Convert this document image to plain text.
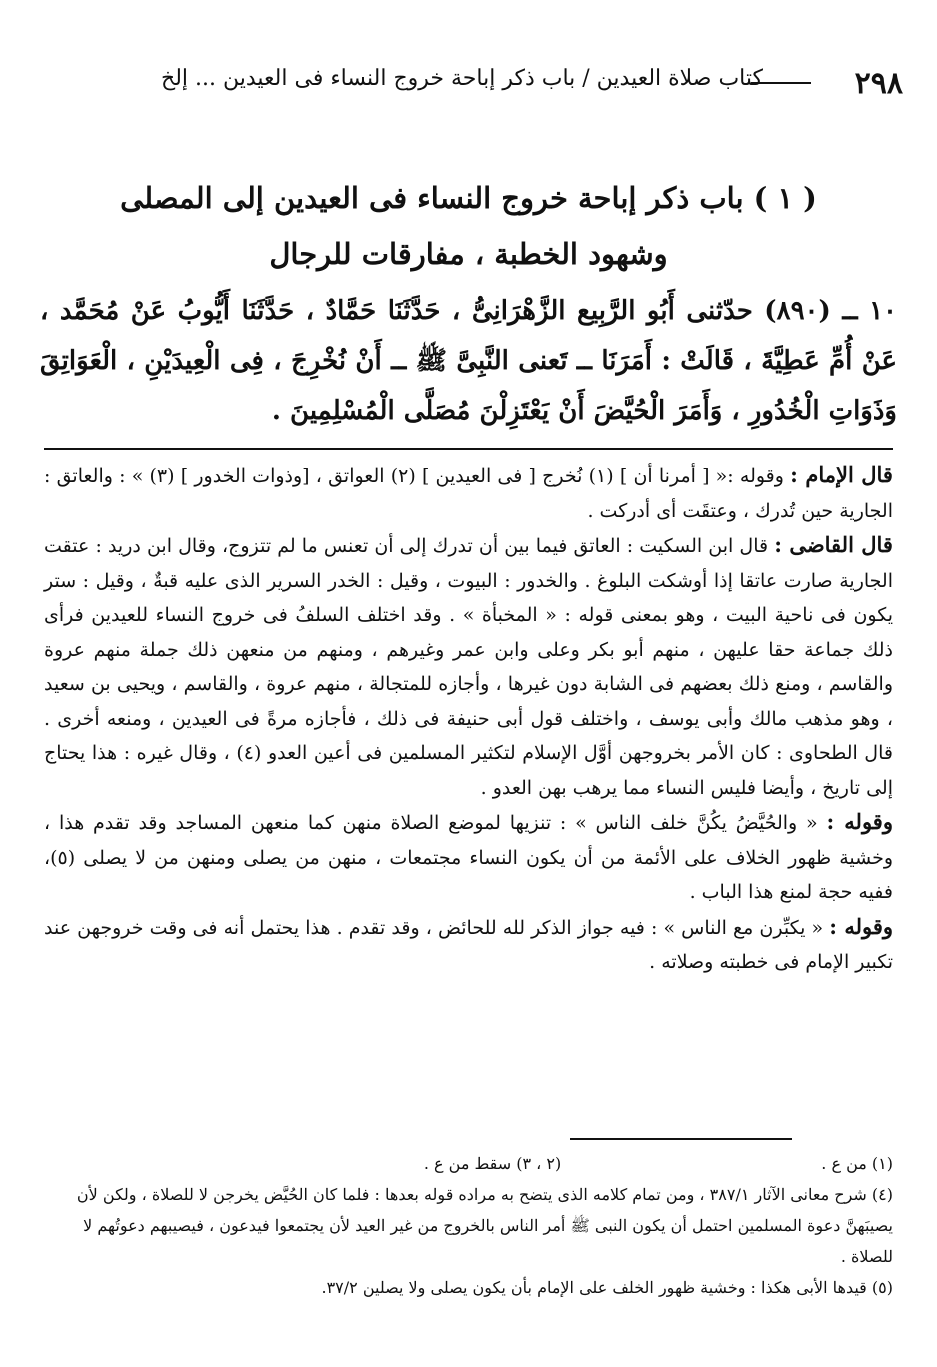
٢٩٨
كتاب صلاة العيدين / باب ذكر إباحة خروج النساء فى العيدين ... إلخ
( ١ ) باب ذكر إباحة خروج النساء فى العيدين إلى المصلى
وشهود الخطبة ، مفارقات للرجال

١٠ ــ (٨٩٠) حدّثنى أَبُو الرَّبِيع الزَّهْرَانِىُّ ، حَدَّثَنَا حَمَّادٌ ، حَدَّثَنَا أَيُّوبُ عَنْ مُحَمَّد ، عَنْ أُمِّ عَطِيَّةَ ، قَالَتْ : أَمَرَنَا ــ تَعنى النَّبِىَّ ﷺ ــ أَنْ نُخْرِجَ ، فِى الْعِيدَيْنِ ، الْعَوَاتِقَ وَذَوَاتِ الْخُدُورِ ، وَأَمَرَ الْحُيَّضَ أَنْ يَعْتَزِلْنَ مُصَلَّى الْمُسْلِمِينَ .

قال الإمام : وقوله :« [ أمرنا أن ] (١) نُخرج [ فى العيدين ] (٢) العواتق ، [وذوات الخدور ] (٣) » : والعاتق : الجارية حين تُدرك ، وعتقَت أى أدركت .

قال القاضى : قال ابن السكيت : العاتق فيما بين أن تدرك إلى أن تعنس ما لم تتزوج، وقال ابن دريد : عتقت الجارية صارت عاتقا إذا أوشكت البلوغ . والخدور : البيوت ، وقيل : الخدر السرير الذى عليه قبةٌ ، وقيل : ستر يكون فى ناحية البيت ، وهو بمعنى قوله : « المخبأة » . وقد اختلف السلفُ فى خروج النساء للعيدين فرأى ذلك جماعة حقا عليهن ، منهم أبو بكر وعلى وابن عمر وغيرهم ، ومنهم من منعهن ذلك جملة منهم عروة والقاسم ، ومنع ذلك بعضهم فى الشابة دون غيرها ، وأجازه للمتجالة ، منهم عروة ، والقاسم ، ويحيى بن سعيد ، وهو مذهب مالك وأبى يوسف ، واختلف قول أبى حنيفة فى ذلك ، فأجازه مرةً فى العيدين ، ومنعه أخرى . قال الطحاوى : كان الأمر بخروجهن أوَّل الإسلام لتكثير المسلمين فى أعين العدو (٤) ، وقال غيره : هذا يحتاج إلى تاريخ ، وأيضا فليس النساء مما يرهب بهن العدو .

وقوله : « والحُيَّضُ يكُنَّ خلف الناس » : تنزيها لموضع الصلاة منهن كما منعهن المساجد وقد تقدم هذا ، وخشية ظهور الخلاف على الأئمة من أن يكون النساء مجتمعات ، منهن من يصلى ومنهن من لا يصلى (٥)، ففيه حجة لمنع هذا الباب .

وقوله : « يكبِّرن مع الناس » : فيه جواز الذكر لله للحائض ، وقد تقدم . هذا يحتمل أنه فى وقت خروجهن عند تكبير الإمام فى خطبته وصلاته .

(١) من ع .
(٢ ، ٣) سقط من ع .

(٤) شرح معانى الآثار ٣٨٧/١ ، ومن تمام كلامه الذى يتضح به مراده قوله بعدها : فلما كان الحُيَّض يخرجن لا للصلاة ، ولكن لأن يصيبَهنَّ دعوة المسلمين احتمل أن يكون النبى ﷺ أمر الناس بالخروج من غير العيد لأن يجتمعوا فيدعون ، فيصيبهم دعوتُهم لا للصلاة .

(٥) قيدها الأبى هكذا : وخشية ظهور الخلف على الإمام بأن يكون يصلى ولا يصلين ٣٧/٢.
